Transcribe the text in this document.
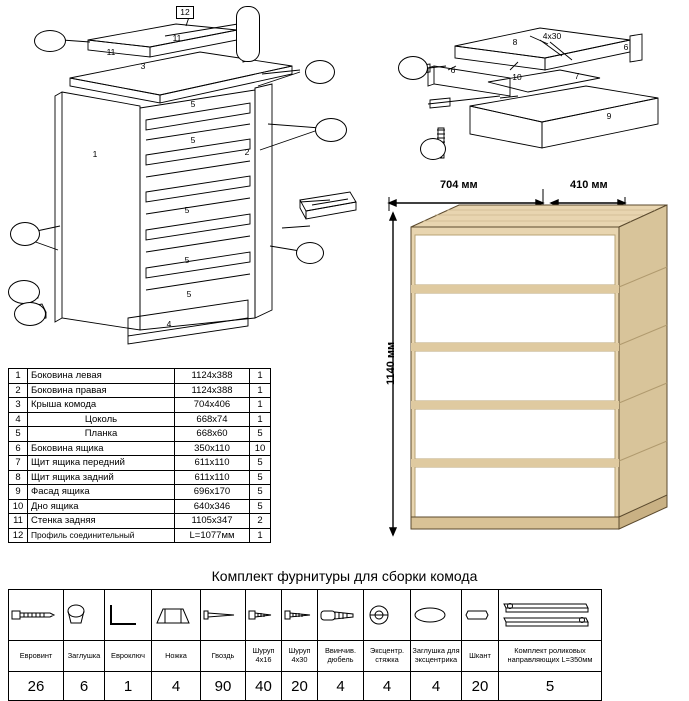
12
11
11
3
1	2
4
5
5
5
5
5
8
7
6
6
9
10
4x30
704 мм	410 мм
1140 мм
1	Боковина левая	1124х388	1
2	Боковина правая	1124х388	1
3	Крыша комода	704х406	1
4	Цоколь	668х74	1
5	Планка	668х60	5
6	Боковина ящика	350х110	10
7	Щит ящика передний	611х110	5
8	Щит ящика задний	611х110	5
9	Фасад ящика	696х170	5
10	Дно ящика	640х346	5
11	Стенка задняя	1105х347	2
12	Профиль соединительный	L=1077мм	1
Комплект фурнитуры для сборки комода

Евровинт	Заглушка	Евроключ	Ножка	Гвоздь	Шуруп 4х16	Шуруп 4х30	Ввинчив. дюбель	Эксцентр. стяжка	Заглушка для эксцентрика	Шкант	Комплект роликовых направляющих L=350мм
26	6	1	4	90	40	20	4	4	4	20	5
